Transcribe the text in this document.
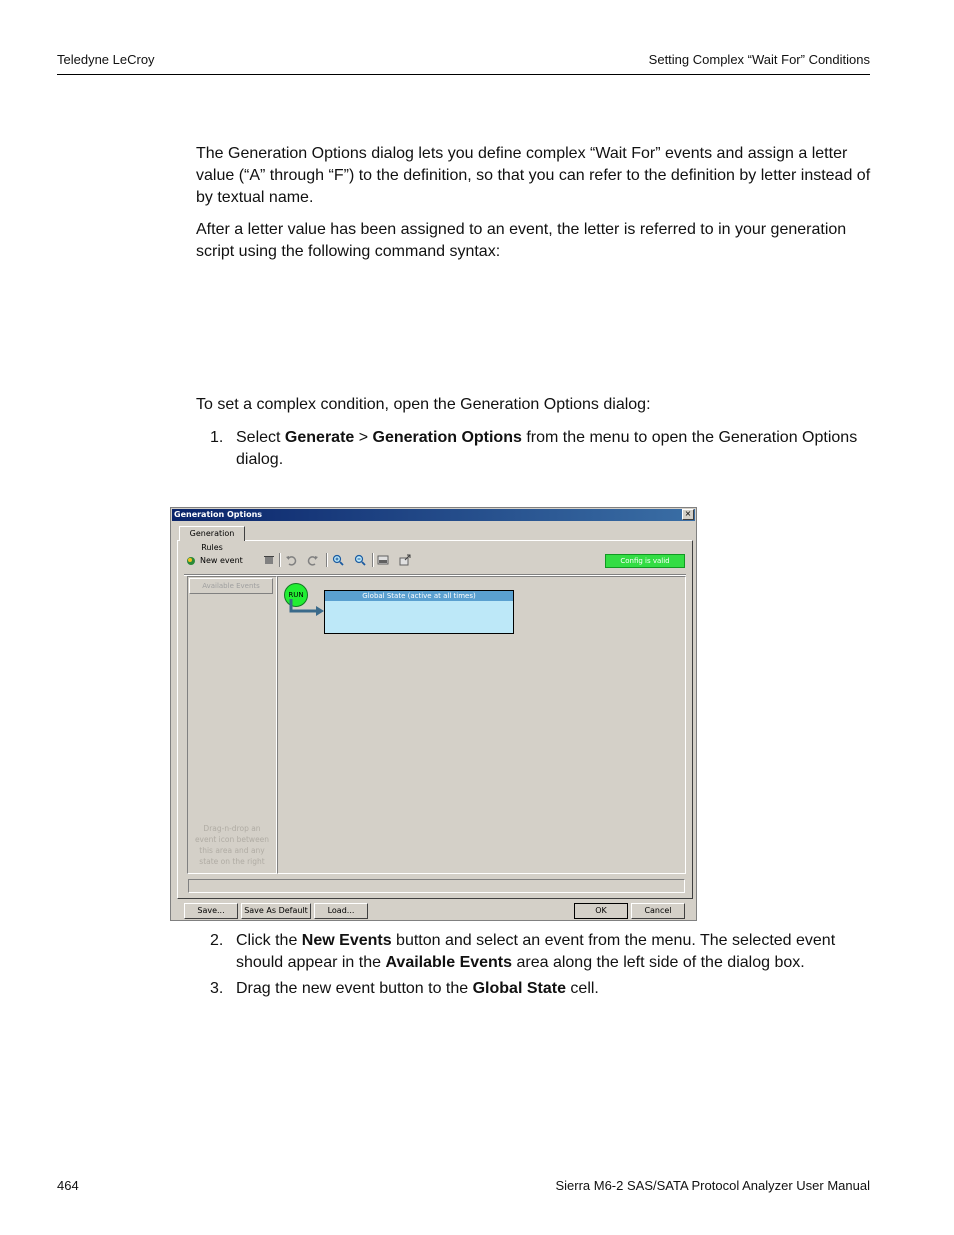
Teledyne LeCroy	Setting Complex “Wait For” Conditions

The Generation Options dialog lets you define complex “Wait For” events and assign a letter value (“A” through “F”) to the definition, so that you can refer to the definition by letter instead of by textual name.

After a letter value has been assigned to an event, the letter is referred to in your generation script using the following command syntax:

To set a complex condition, open the Generation Options dialog:

1. Select Generate > Generation Options from the menu to open the Generation Options dialog.
Generation Options	×
Generation Rules
New event	Config is valid
Available Events
Drag-n-drop an event icon between this area and any state on the right
RUN	Global State (active at all times)
Save...	Save As Default	Load...	OK	Cancel
2. Click the New Events button and select an event from the menu. The selected event should appear in the Available Events area along the left side of the dialog box.
3. Drag the new event button to the Global State cell.
464	Sierra M6-2 SAS/SATA Protocol Analyzer User Manual
